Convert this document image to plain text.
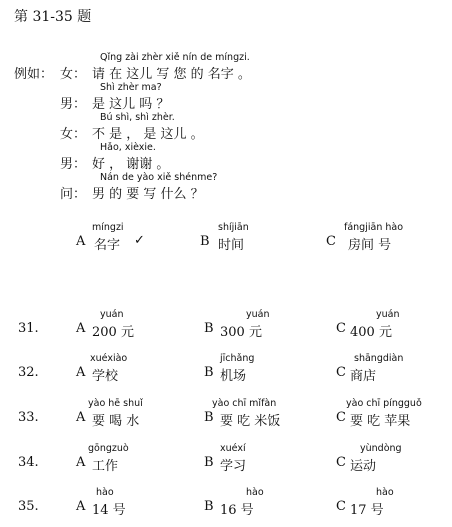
第 31-35 题
例如：
Qǐng zài zhèr xiě nín de míngzi.
女： 请 在 这儿 写 您 的 名字 。
Shì zhèr ma?
男： 是 这儿 吗 ？
Bú shì, shì zhèr.
女： 不 是 ， 是 这儿 。
Hǎo, xièxie.
男： 好 ， 谢谢 。
Nán de yào xiě shénme?
问： 男 的 要 写 什么 ？
míngzi
A 名字 ✓
shíjiān
B 时间
fángjiān hào
C 房间 号
31.
yuán
A 200 元
yuán
B 300 元
yuán
C 400 元
32.
xuéxiào
A 学校
jīchǎng
B 机场
shāngdiàn
C 商店
33.
yào hē shuǐ
A 要 喝 水
yào chī mǐfàn
B 要 吃 米饭
yào chī píngguǒ
C 要 吃 苹果
34.
gōngzuò
A 工作
xuéxí
B 学习
yùndòng
C 运动
35.
hào
A 14 号
hào
B 16 号
hào
C 17 号
